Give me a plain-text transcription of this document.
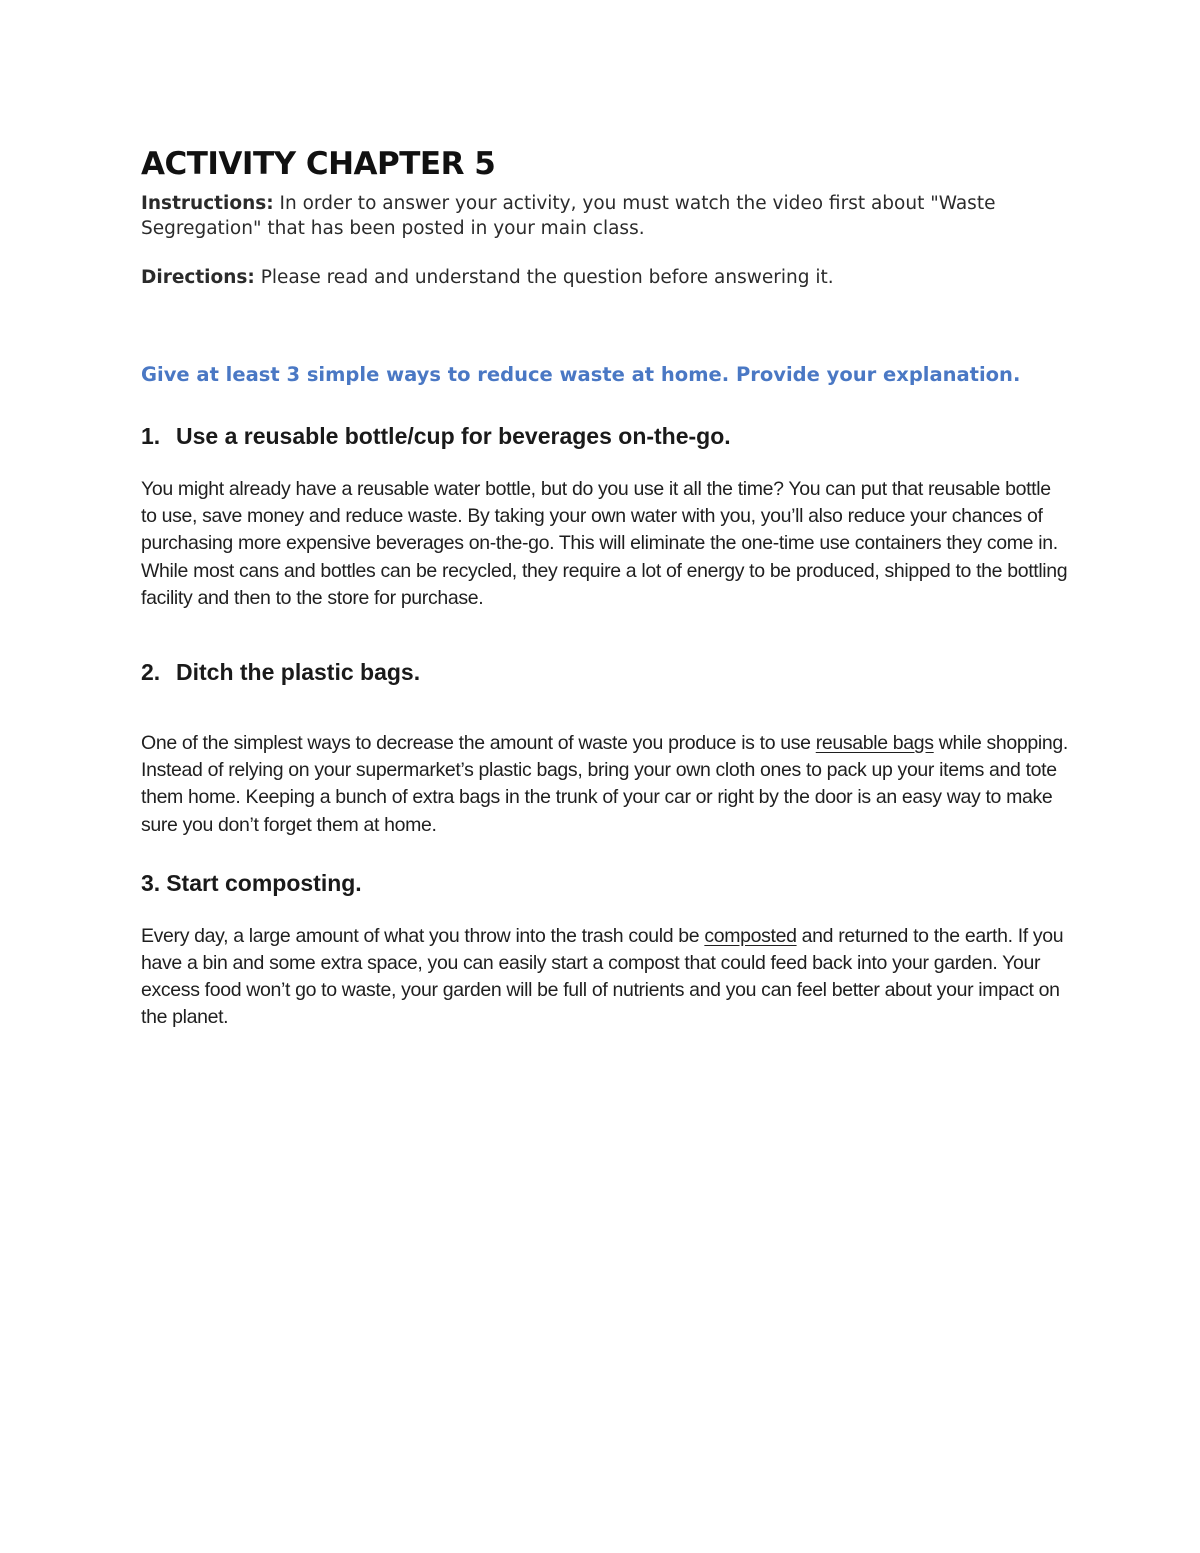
ACTIVITY CHAPTER 5

Instructions: In order to answer your activity, you must watch the video first about "Waste Segregation" that has been posted in your main class.

Directions: Please read and understand the question before answering it.

Give at least 3 simple ways to reduce waste at home. Provide your explanation.

1. Use a reusable bottle/cup for beverages on-the-go.

You might already have a reusable water bottle, but do you use it all the time? You can put that reusable bottle to use, save money and reduce waste. By taking your own water with you, you’ll also reduce your chances of purchasing more expensive beverages on-the-go. This will eliminate the one-time use containers they come in. While most cans and bottles can be recycled, they require a lot of energy to be produced, shipped to the bottling facility and then to the store for purchase.

2. Ditch the plastic bags.

One of the simplest ways to decrease the amount of waste you produce is to use reusable bags while shopping. Instead of relying on your supermarket’s plastic bags, bring your own cloth ones to pack up your items and tote them home. Keeping a bunch of extra bags in the trunk of your car or right by the door is an easy way to make sure you don’t forget them at home.

3. Start composting.

Every day, a large amount of what you throw into the trash could be composted and returned to the earth. If you have a bin and some extra space, you can easily start a compost that could feed back into your garden. Your excess food won’t go to waste, your garden will be full of nutrients and you can feel better about your impact on the planet.
